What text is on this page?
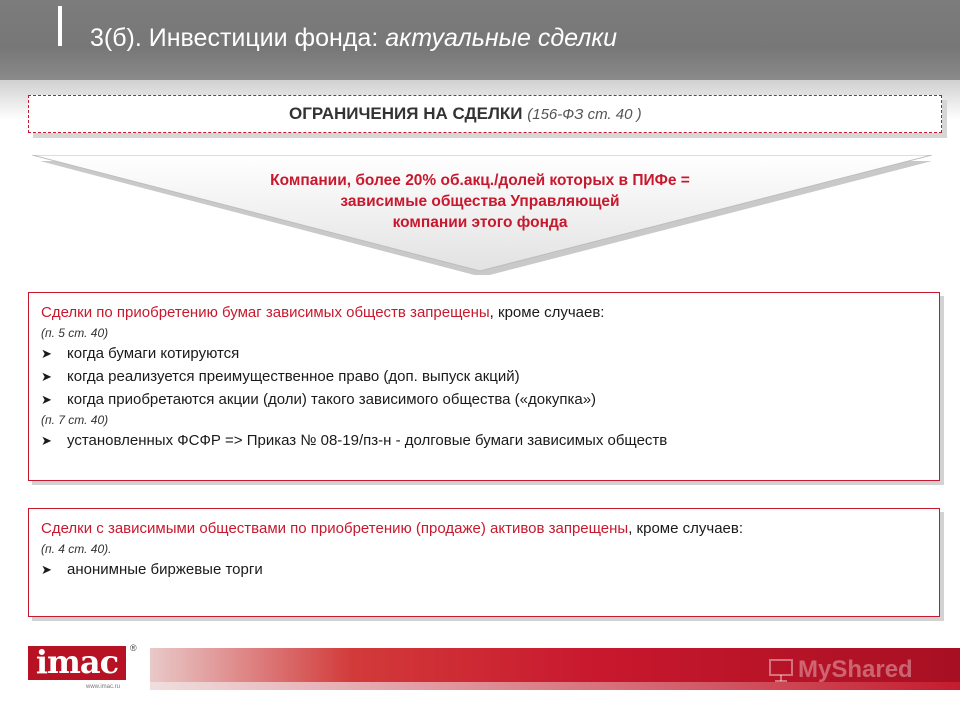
3(б). Инвестиции фонда: актуальные сделки
ОГРАНИЧЕНИЯ НА СДЕЛКИ (156-ФЗ ст. 40 )
Компании, более 20% об.акц./долей которых в ПИФе =
зависимые общества Управляющей
компании этого фонда

Сделки по приобретению бумаг зависимых обществ запрещены, кроме случаев:

(п. 5 ст. 40)

➤	когда бумаги котируются
➤	когда реализуется преимущественное право (доп. выпуск акций)
➤	когда приобретаются акции (доли) такого зависимого общества («докупка»)

(п. 7 ст. 40)

➤	установленных ФСФР => Приказ № 08-19/пз-н - долговые бумаги зависимых обществ

Сделки с зависимыми обществами по приобретению (продаже) активов запрещены, кроме случаев:

(п. 4 ст. 40).

➤	анонимные биржевые торги
imac	®
www.imac.ru
MyShared
